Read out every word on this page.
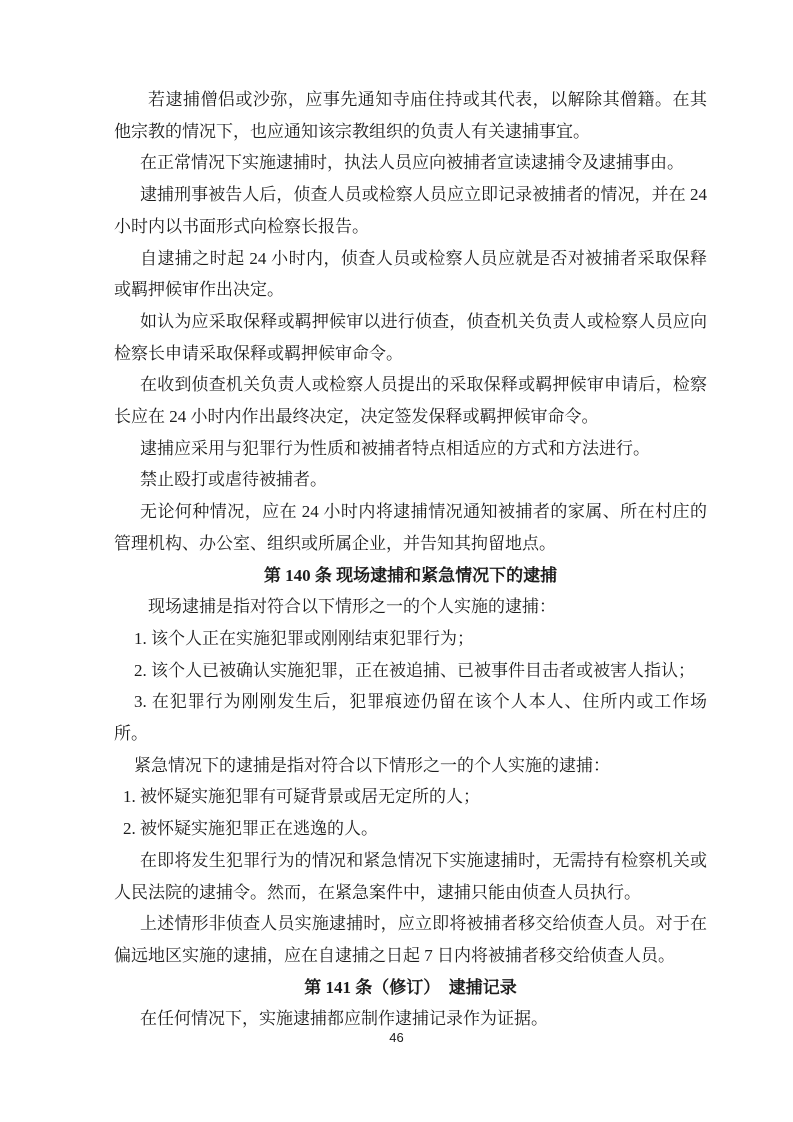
若逮捕僧侣或沙弥，应事先通知寺庙住持或其代表，以解除其僧籍。在其他宗教的情况下，也应通知该宗教组织的负责人有关逮捕事宜。

在正常情况下实施逮捕时，执法人员应向被捕者宣读逮捕令及逮捕事由。

逮捕刑事被告人后，侦查人员或检察人员应立即记录被捕者的情况，并在 24 小时内以书面形式向检察长报告。

自逮捕之时起 24 小时内，侦查人员或检察人员应就是否对被捕者采取保释或羁押候审作出决定。

如认为应采取保释或羁押候审以进行侦查，侦查机关负责人或检察人员应向检察长申请采取保释或羁押候审命令。

在收到侦查机关负责人或检察人员提出的采取保释或羁押候审申请后，检察长应在 24 小时内作出最终决定，决定签发保释或羁押候审命令。

逮捕应采用与犯罪行为性质和被捕者特点相适应的方式和方法进行。

禁止殴打或虐待被捕者。

无论何种情况，应在 24 小时内将逮捕情况通知被捕者的家属、所在村庄的管理机构、办公室、组织或所属企业，并告知其拘留地点。

第 140 条 现场逮捕和紧急情况下的逮捕

现场逮捕是指对符合以下情形之一的个人实施的逮捕：

1. 该个人正在实施犯罪或刚刚结束犯罪行为；

2. 该个人已被确认实施犯罪，正在被追捕、已被事件目击者或被害人指认；

3. 在犯罪行为刚刚发生后，犯罪痕迹仍留在该个人本人、住所内或工作场所。

紧急情况下的逮捕是指对符合以下情形之一的个人实施的逮捕：

1. 被怀疑实施犯罪有可疑背景或居无定所的人；

2. 被怀疑实施犯罪正在逃逸的人。

在即将发生犯罪行为的情况和紧急情况下实施逮捕时，无需持有检察机关或人民法院的逮捕令。然而，在紧急案件中，逮捕只能由侦查人员执行。

上述情形非侦查人员实施逮捕时，应立即将被捕者移交给侦查人员。对于在偏远地区实施的逮捕，应在自逮捕之日起 7 日内将被捕者移交给侦查人员。

第 141 条（修订）　逮捕记录

在任何情况下，实施逮捕都应制作逮捕记录作为证据。

46
